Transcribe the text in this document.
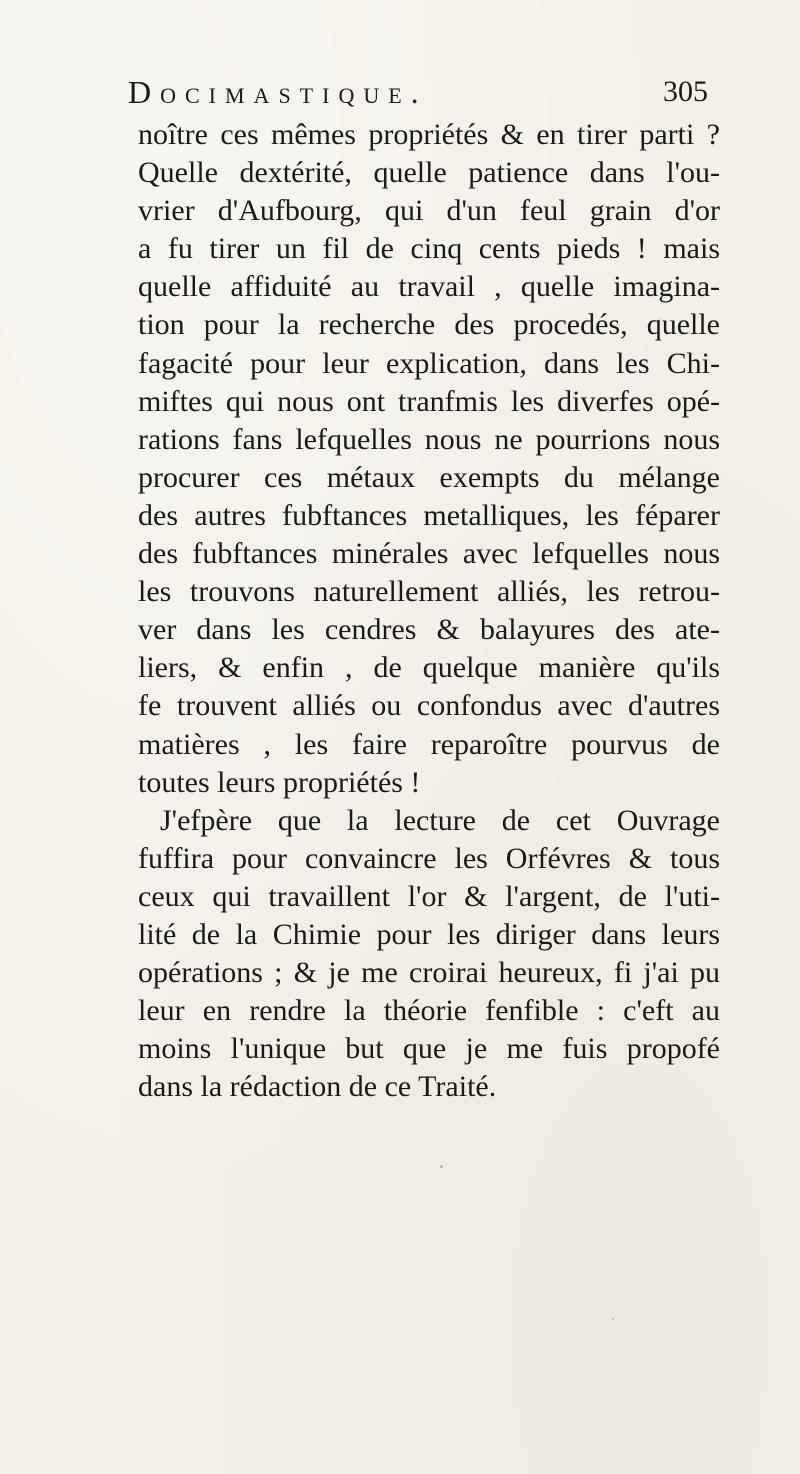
Docimastique.	305
noître ces mêmes propriétés & en tirer parti ?
Quelle dextérité, quelle patience dans l'ou-
vrier d'Aufbourg, qui d'un feul grain d'or
a fu tirer un fil de cinq cents pieds ! mais
quelle affiduité au travail , quelle imagina-
tion pour la recherche des procedés, quelle
fagacité pour leur explication, dans les Chi-
miftes qui nous ont tranfmis les diverfes opé-
rations fans lefquelles nous ne pourrions nous
procurer ces métaux exempts du mélange
des autres fubftances metalliques, les féparer
des fubftances minérales avec lefquelles nous
les trouvons naturellement alliés, les retrou-
ver dans les cendres & balayures des ate-
liers, & enfin , de quelque manière qu'ils
fe trouvent alliés ou confondus avec d'autres
matières , les faire reparoître pourvus de
toutes leurs propriétés !
J'efpère que la lecture de cet Ouvrage
fuffira pour convaincre les Orfévres & tous
ceux qui travaillent l'or & l'argent, de l'uti-
lité de la Chimie pour les diriger dans leurs
opérations ; & je me croirai heureux, fi j'ai pu
leur en rendre la théorie fenfible : c'eft au
moins l'unique but que je me fuis propofé
dans la rédaction de ce Traité.
